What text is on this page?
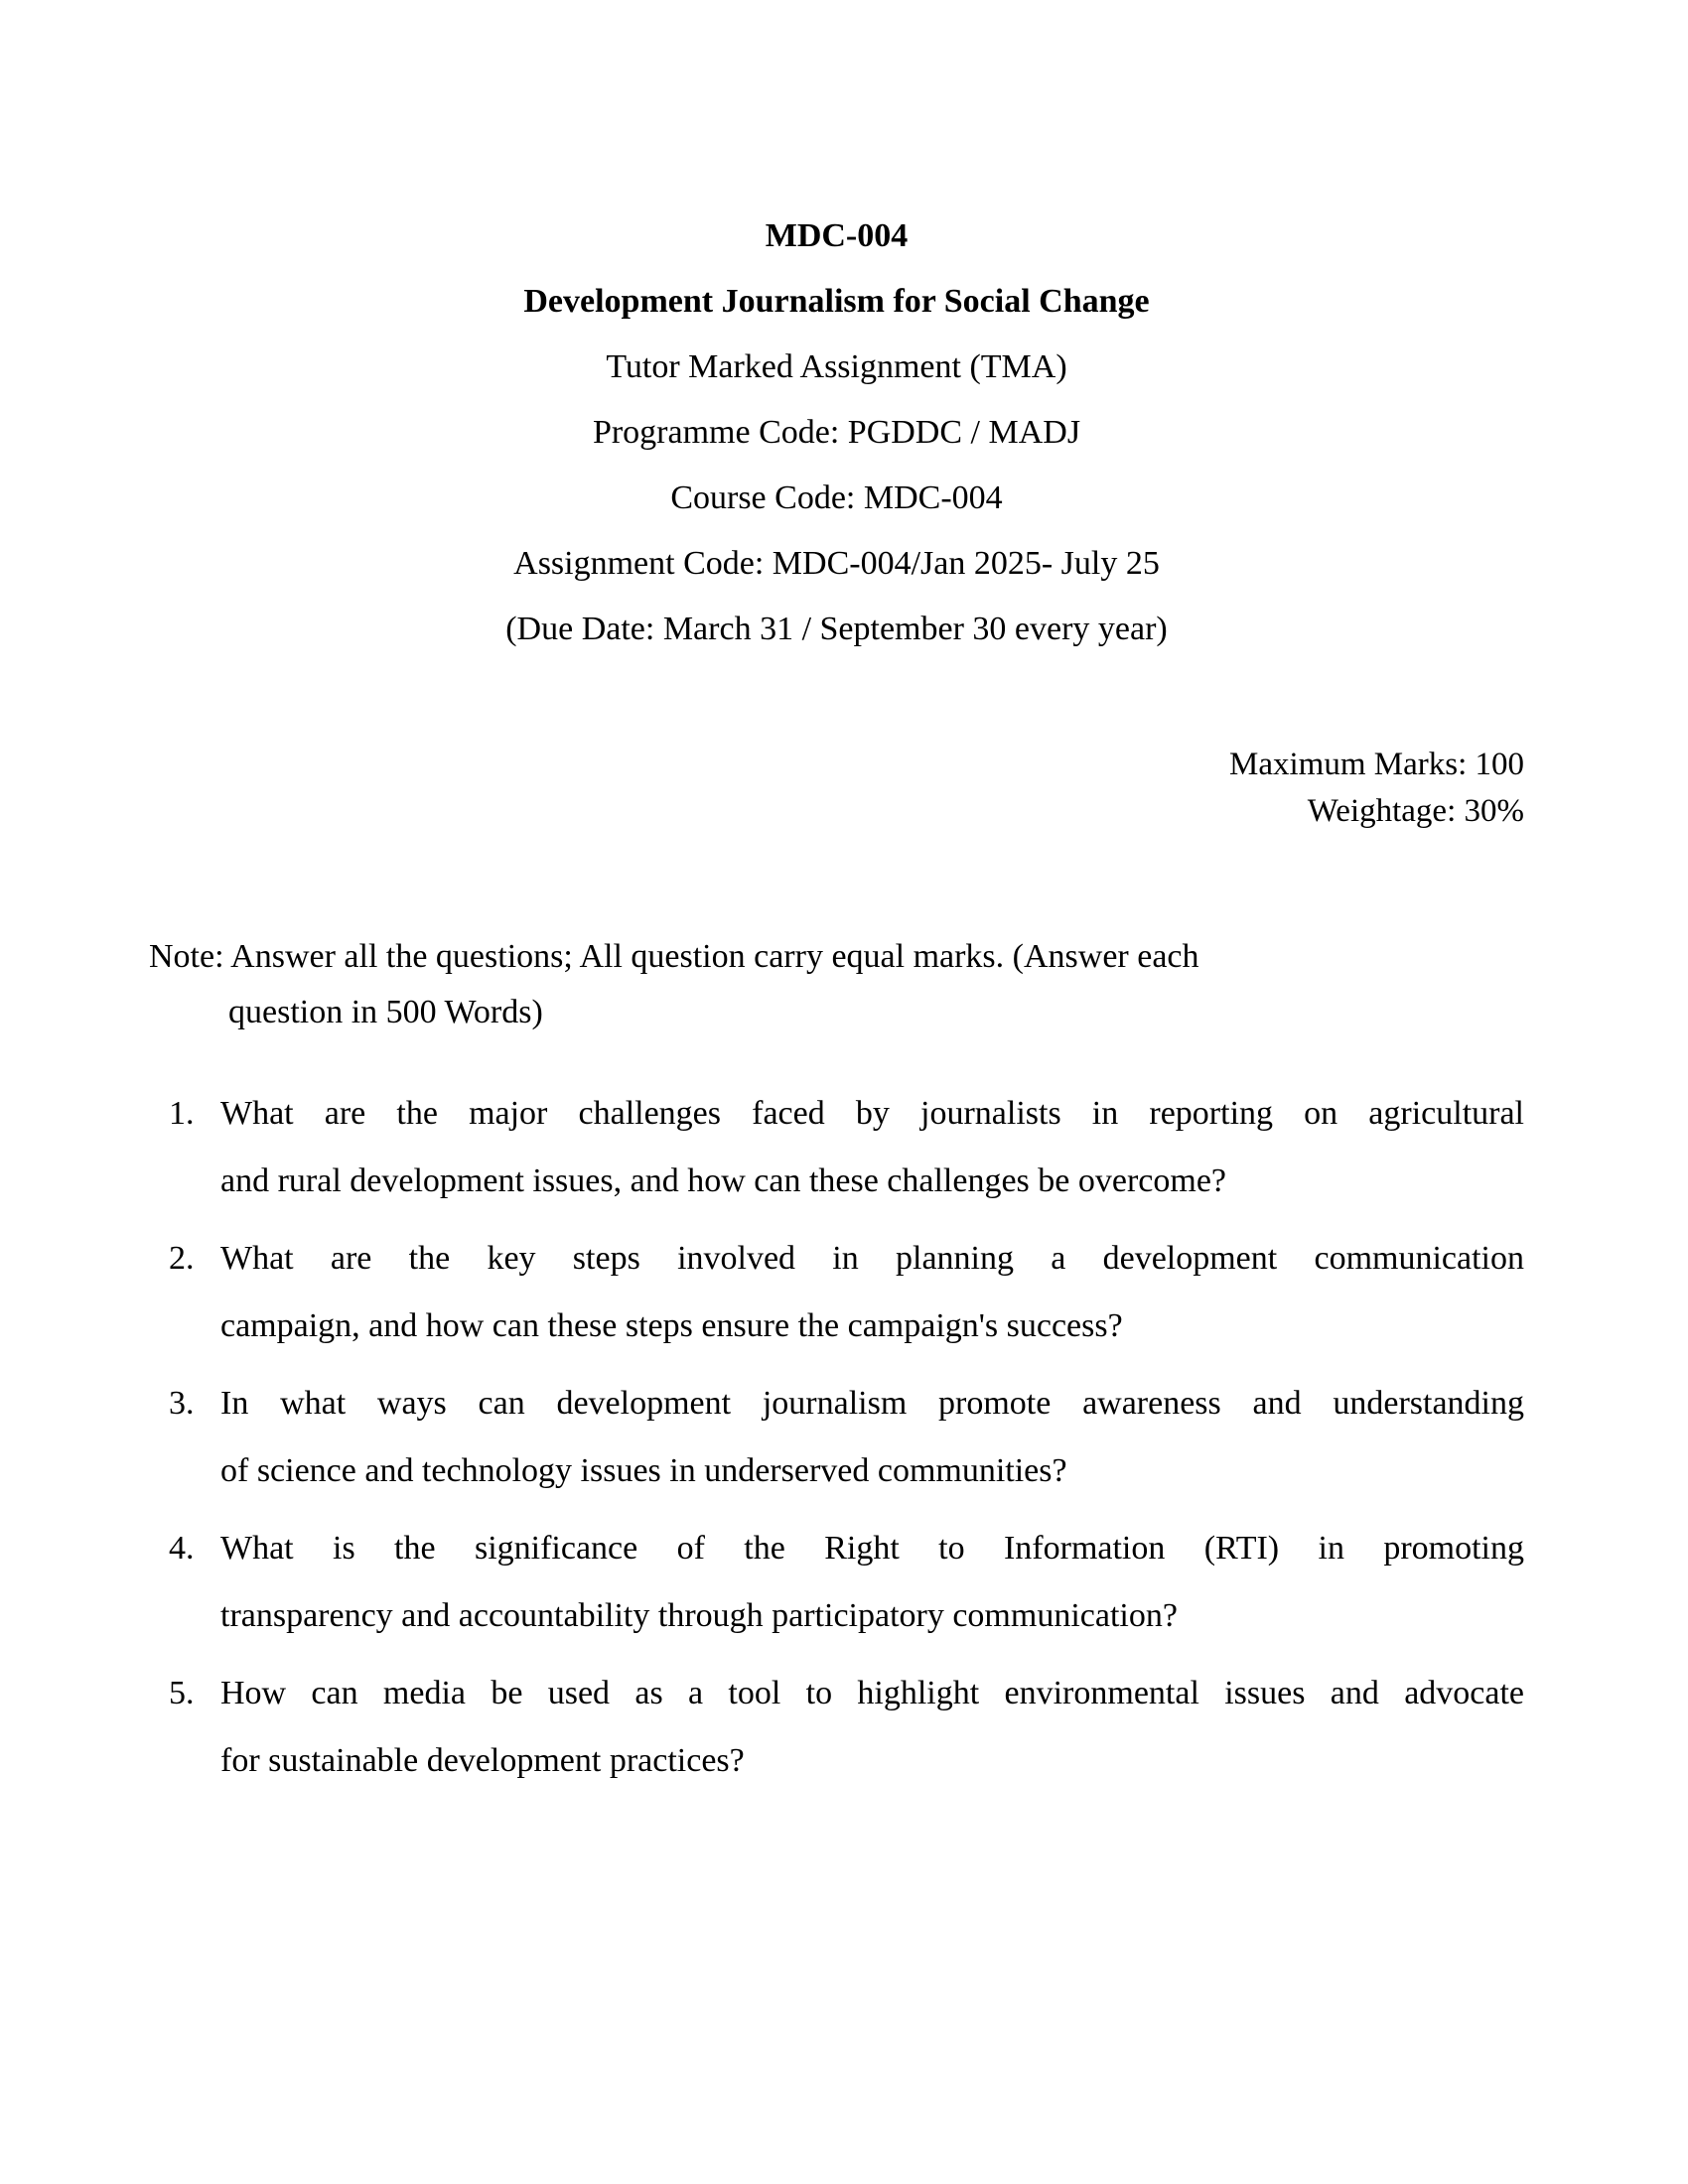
MDC-004
Development Journalism for Social Change
Tutor Marked Assignment (TMA)
Programme Code: PGDDC / MADJ
Course Code: MDC-004
Assignment Code: MDC-004/Jan 2025- July 25
(Due Date: March 31 / September 30 every year)
Maximum Marks: 100
Weightage: 30%
Note: Answer all the questions; All question carry equal marks. (Answer each
question in 500 Words)
1. What are the major challenges faced by journalists in reporting on agricultural
and rural development issues, and how can these challenges be overcome?
2. What are the key steps involved in planning a development communication
campaign, and how can these steps ensure the campaign's success?
3. In what ways can development journalism promote awareness and understanding
of science and technology issues in underserved communities?
4. What is the significance of the Right to Information (RTI) in promoting
transparency and accountability through participatory communication?
5. How can media be used as a tool to highlight environmental issues and advocate
for sustainable development practices?
